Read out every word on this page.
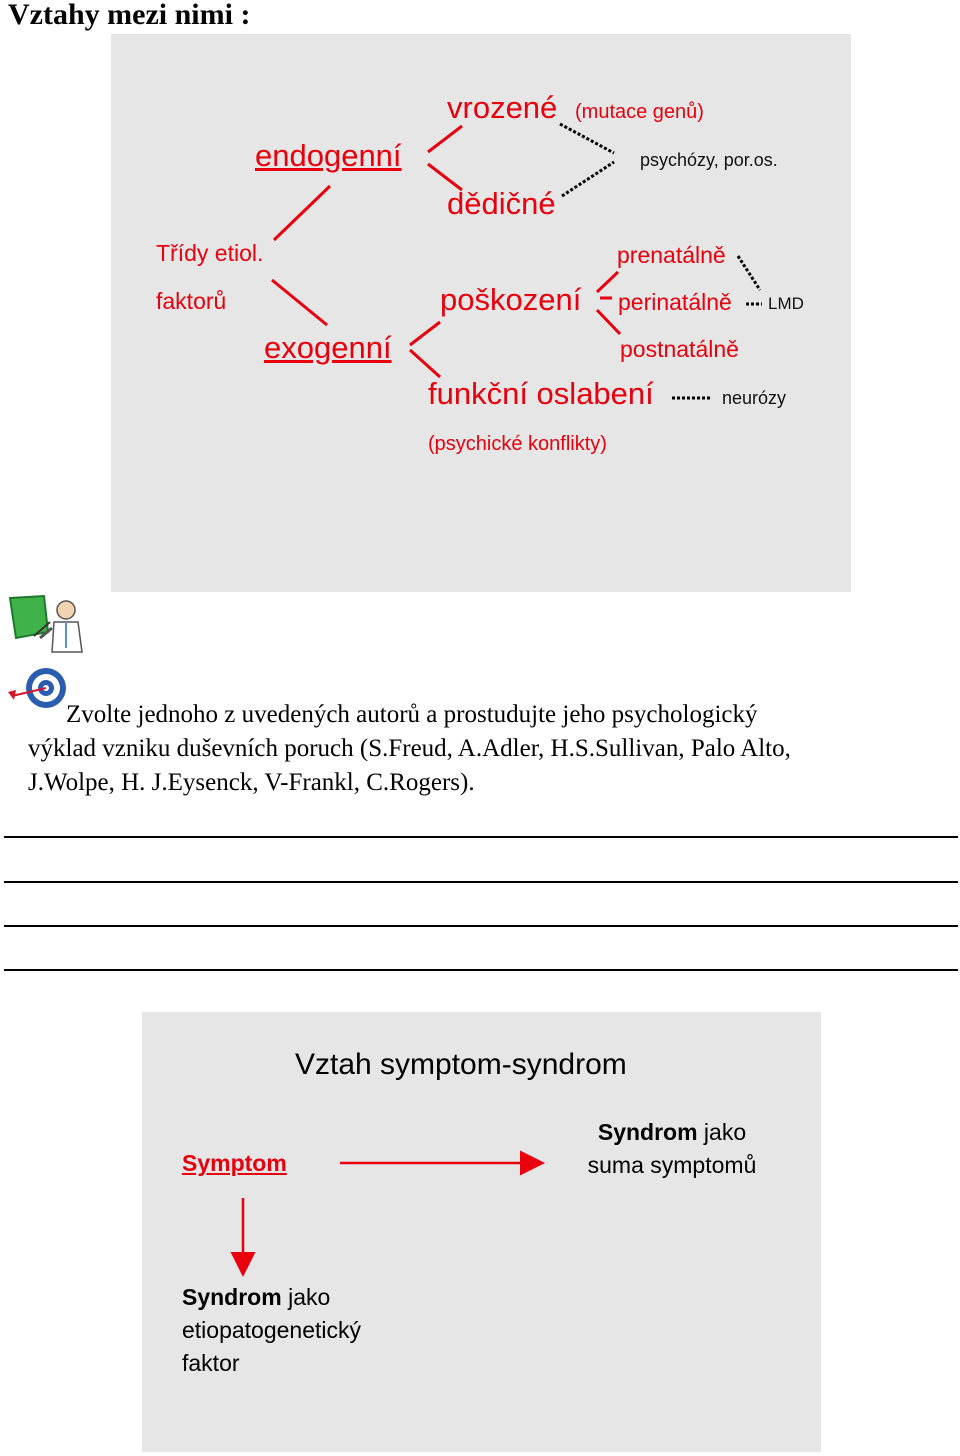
Vztahy mezi nimi :
Třídy etiol.
faktorů
endogenní
exogenní
vrozené (mutace genů)
dědičné
psychózy, por.os.
poškození
prenatálně
perinatálně
postnatálně
LMD
funkční oslabení	neurózy
(psychické konflikty)
Zvolte jednoho z uvedených autorů a prostudujte jeho psychologický
výklad vzniku duševních poruch (S.Freud, A.Adler, H.S.Sullivan, Palo Alto,
J.Wolpe, H. J.Eysenck, V-Frankl, C.Rogers).
Vztah symptom-syndrom
Symptom
Syndrom jako
suma symptomů
Syndrom jako
etiopatogenetický
faktor
